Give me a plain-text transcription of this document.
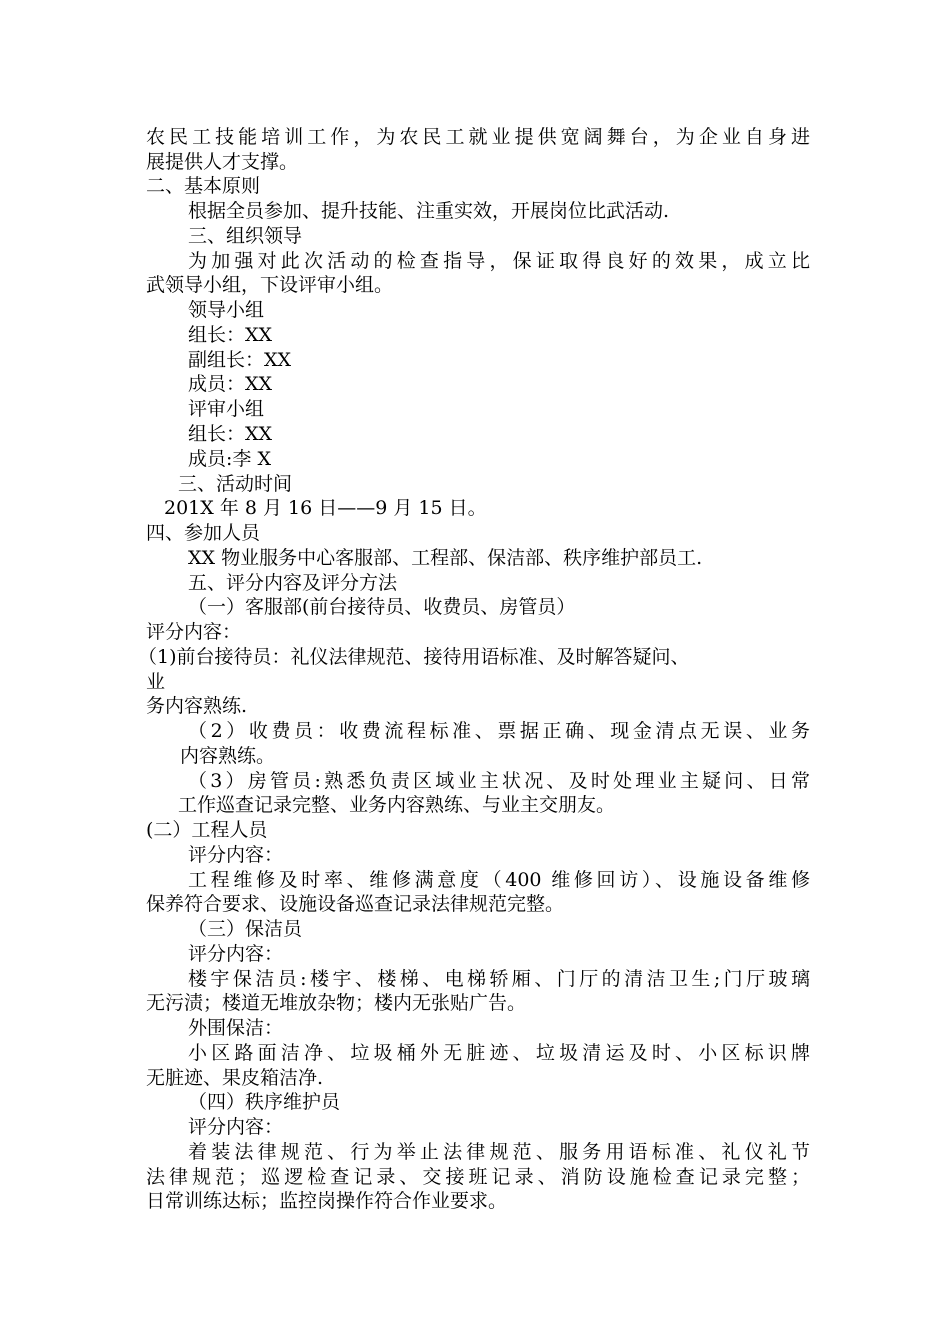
农民工技能培训工作，为农民工就业提供宽阔舞台，为企业自身进
展提供人才支撑。
二、基本原则
根据全员参加、提升技能、注重实效，开展岗位比武活动.
三、组织领导
为加强对此次活动的检查指导，保证取得良好的效果，成立比
武领导小组，下设评审小组。
领导小组
组长：XX
副组长：XX
成员：XX
评审小组
组长：XX
成员:李 X
三、活动时间
201X 年 8 月 16 日——9 月 15 日。
四、参加人员
XX 物业服务中心客服部、工程部、保洁部、秩序维护部员工.
五、评分内容及评分方法
（一）客服部(前台接待员、收费员、房管员）
评分内容：
（1)前台接待员：礼仪法律规范、接待用语标准、及时解答疑问、
业
务内容熟练.
（2）收费员：收费流程标准、票据正确、现金清点无误、业务
内容熟练。
（3）房管员:熟悉负责区域业主状况、及时处理业主疑问、日常
工作巡查记录完整、业务内容熟练、与业主交朋友。
(二）工程人员
评分内容：
工程维修及时率、维修满意度（400 维修回访）、设施设备维修
保养符合要求、设施设备巡查记录法律规范完整。
（三）保洁员
评分内容：
楼宇保洁员:楼宇、楼梯、电梯轿厢、门厅的清洁卫生;门厅玻璃
无污渍；楼道无堆放杂物；楼内无张贴广告。
外围保洁：
小区路面洁净、垃圾桶外无脏迹、垃圾清运及时、小区标识牌
无脏迹、果皮箱洁净.
（四）秩序维护员
评分内容：
着装法律规范、行为举止法律规范、服务用语标准、礼仪礼节
法律规范；巡逻检查记录、交接班记录、消防设施检查记录完整；
日常训练达标；监控岗操作符合作业要求。
